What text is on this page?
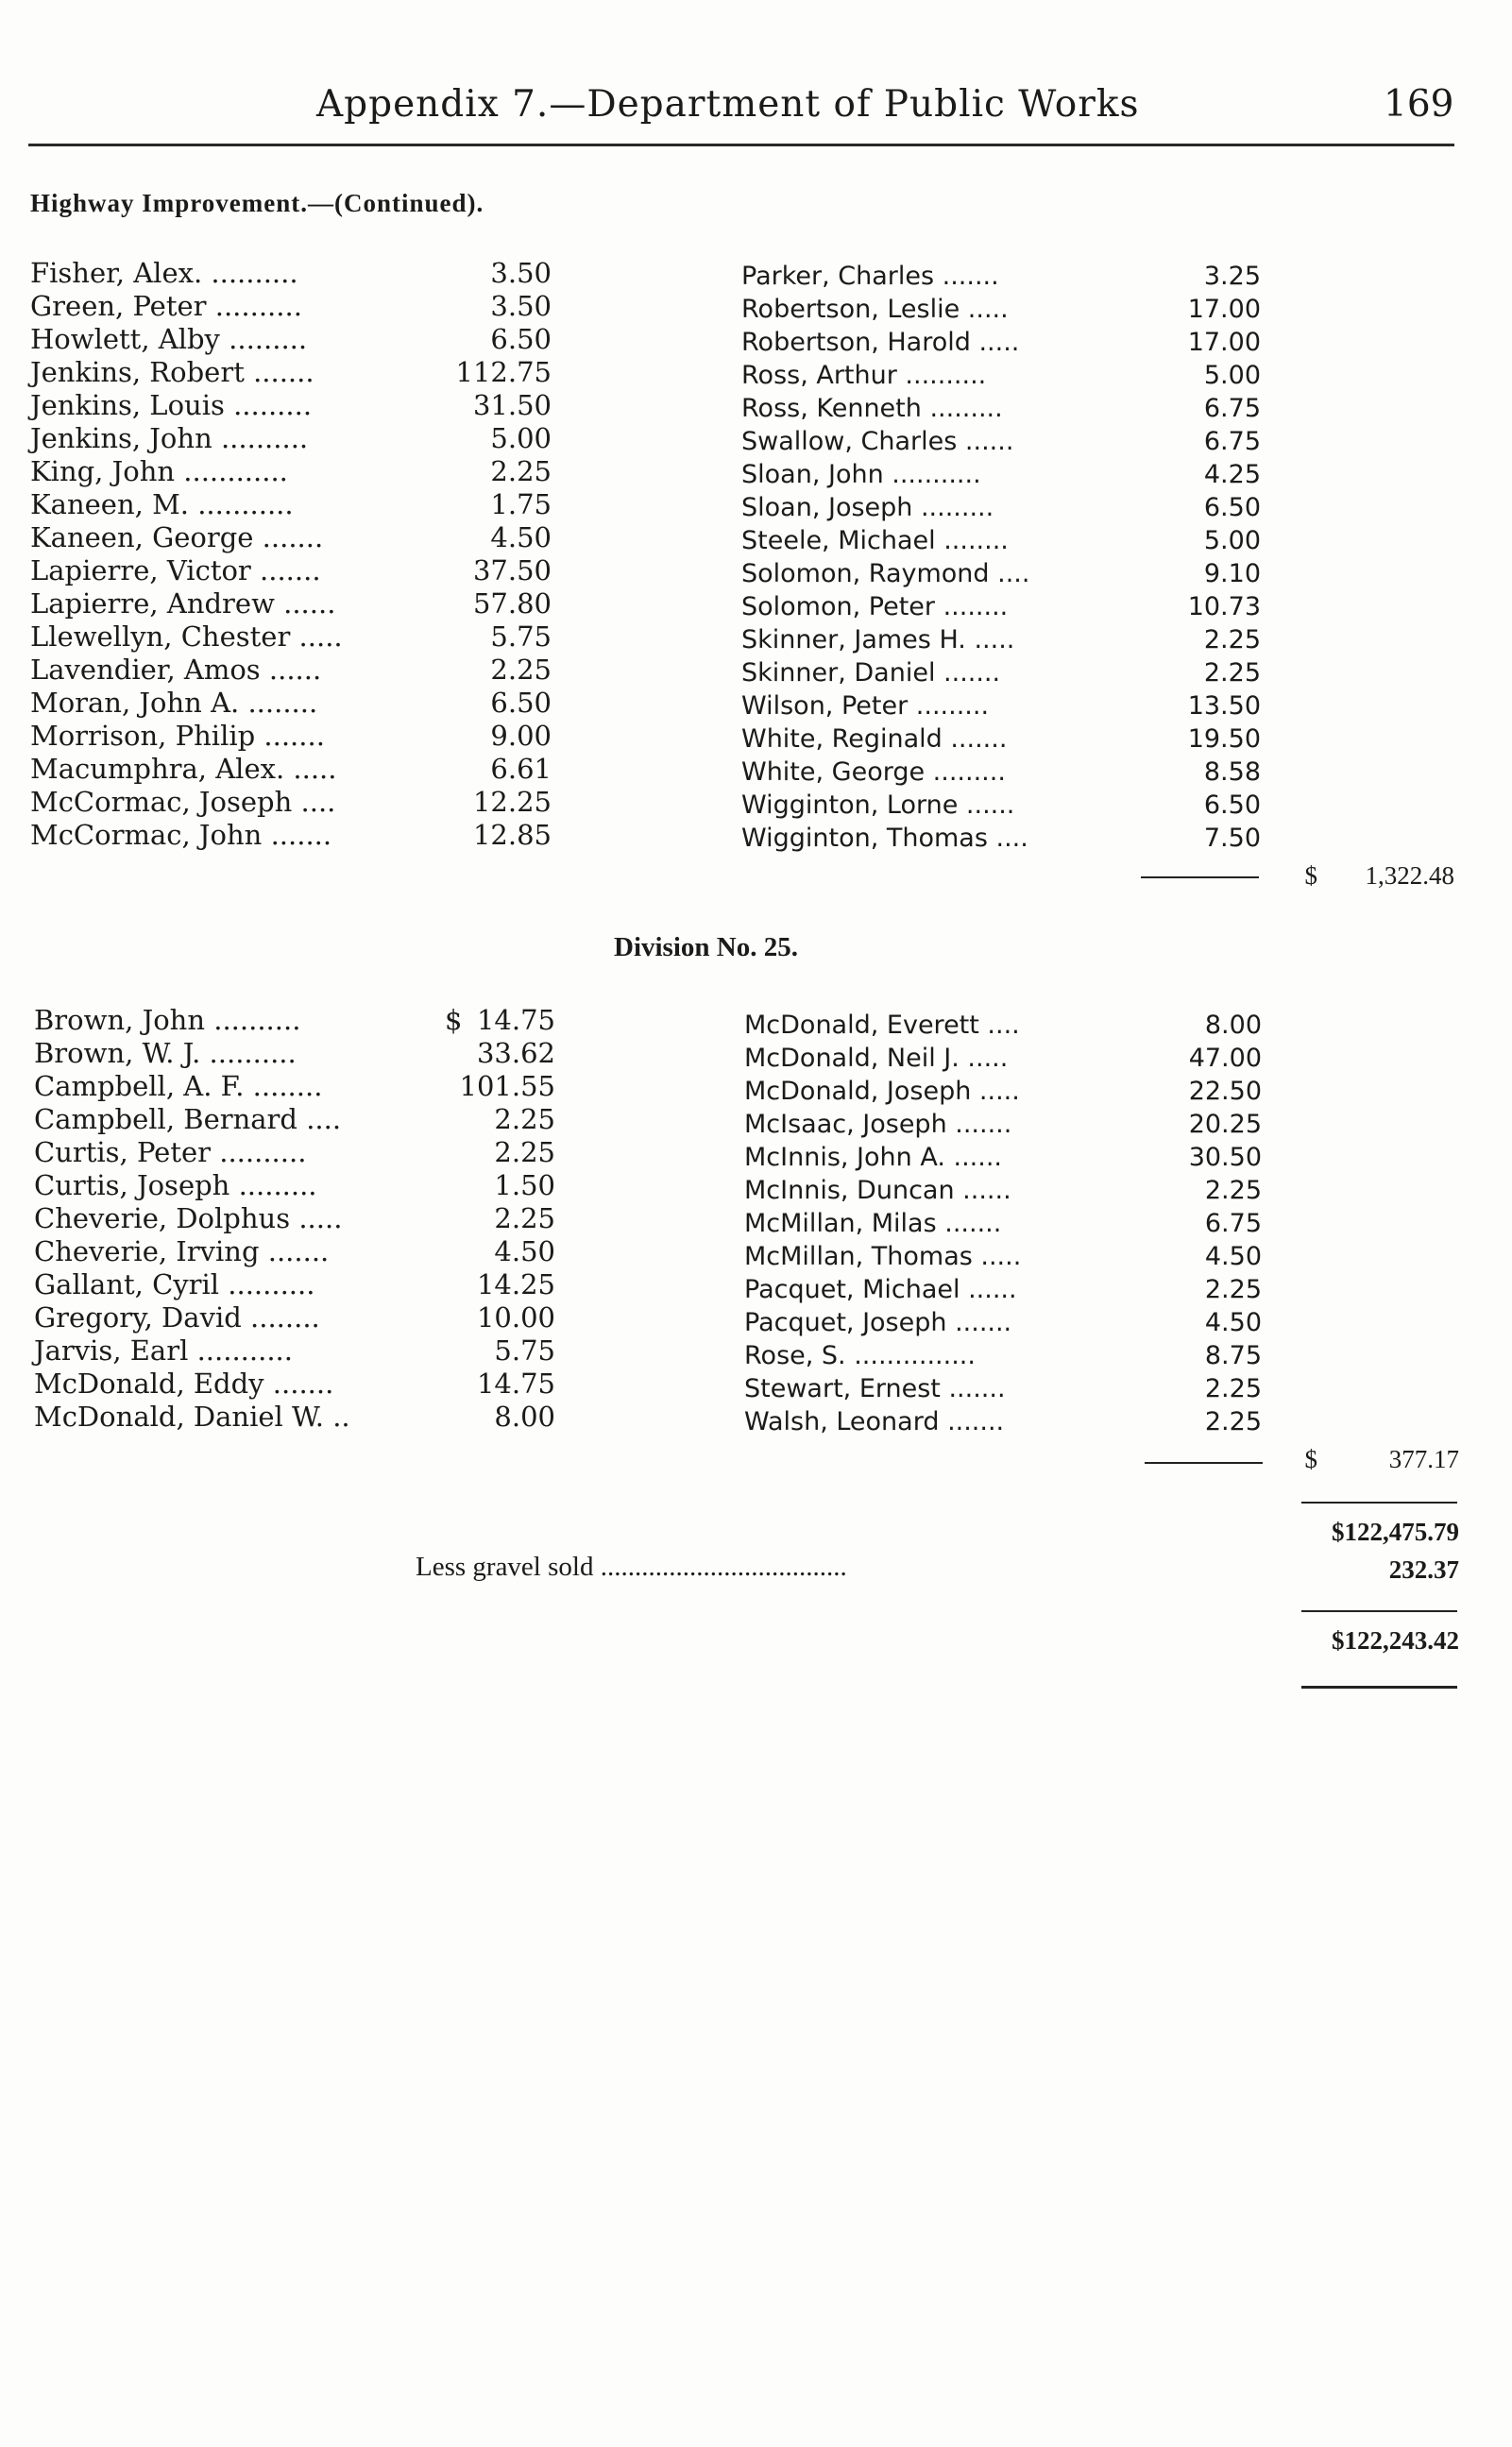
Appendix 7.—Department of Public Works	169
Highway Improvement.—(Continued).
Fisher, Alex. ..........	3.50
Green, Peter ..........	3.50
Howlett, Alby .........	6.50
Jenkins, Robert .......	112.75
Jenkins, Louis .........	31.50
Jenkins, John ..........	5.00
King, John ............	2.25
Kaneen, M. ...........	1.75
Kaneen, George .......	4.50
Lapierre, Victor .......	37.50
Lapierre, Andrew ......	57.80
Llewellyn, Chester .....	5.75
Lavendier, Amos ......	2.25
Moran, John A. ........	6.50
Morrison, Philip .......	9.00
Macumphra, Alex. .....	6.61
McCormac, Joseph ....	12.25
McCormac, John .......	12.85
Parker, Charles .......	3.25
Robertson, Leslie .....	17.00
Robertson, Harold .....	17.00
Ross, Arthur ..........	5.00
Ross, Kenneth .........	6.75
Swallow, Charles ......	6.75
Sloan, John ...........	4.25
Sloan, Joseph .........	6.50
Steele, Michael ........	5.00
Solomon, Raymond ....	9.10
Solomon, Peter ........	10.73
Skinner, James H. .....	2.25
Skinner, Daniel .......	2.25
Wilson, Peter .........	13.50
White, Reginald .......	19.50
White, George .........	8.58
Wigginton, Lorne ......	6.50
Wigginton, Thomas ....	7.50
$	1,322.48
Division No. 25.
Brown, John ..........	$ 14.75
Brown, W. J. ..........	33.62
Campbell, A. F. ........	101.55
Campbell, Bernard ....	2.25
Curtis, Peter ..........	2.25
Curtis, Joseph .........	1.50
Cheverie, Dolphus .....	2.25
Cheverie, Irving .......	4.50
Gallant, Cyril ..........	14.25
Gregory, David ........	10.00
Jarvis, Earl ...........	5.75
McDonald, Eddy .......	14.75
McDonald, Daniel W. ..	8.00
McDonald, Everett ....	8.00
McDonald, Neil J. .....	47.00
McDonald, Joseph .....	22.50
McIsaac, Joseph .......	20.25
McInnis, John A. ......	30.50
McInnis, Duncan ......	2.25
McMillan, Milas .......	6.75
McMillan, Thomas .....	4.50
Pacquet, Michael ......	2.25
Pacquet, Joseph .......	4.50
Rose, S. ...............	8.75
Stewart, Ernest .......	2.25
Walsh, Leonard .......	2.25
$	377.17
$122,475.79
Less gravel sold ....................................	232.37
$122,243.42
